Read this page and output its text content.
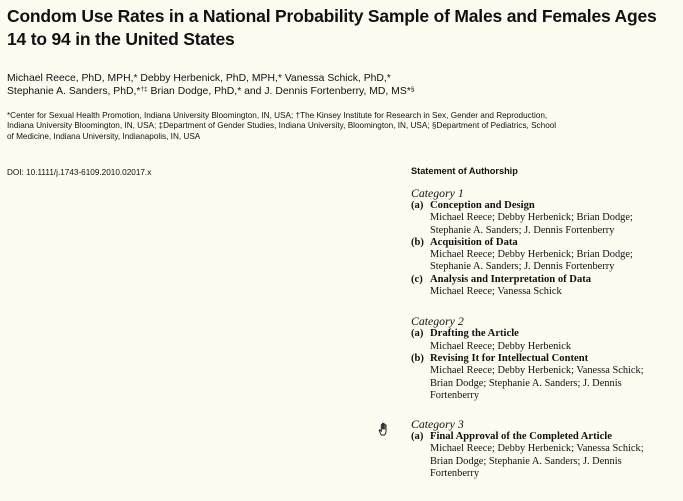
Condom Use Rates in a National Probability Sample of Males and Females Ages 14 to 94 in the United States

Michael Reece, PhD, MPH,* Debby Herbenick, PhD, MPH,* Vanessa Schick, PhD,*
Stephanie A. Sanders, PhD,*†‡ Brian Dodge, PhD,* and J. Dennis Fortenberry, MD, MS*§

*Center for Sexual Health Promotion, Indiana University Bloomington, IN, USA; †The Kinsey Institute for Research in Sex, Gender and Reproduction, Indiana University Bloomington, IN, USA; ‡Department of Gender Studies, Indiana University, Bloomington, IN, USA; §Department of Pediatrics, School of Medicine, Indiana University, Indianapolis, IN, USA

DOI: 10.1111/j.1743-6109.2010.02017.x	Statement of Authorship

Category 1

(a) Conception and Design

Michael Reece; Debby Herbenick; Brian Dodge;
Stephanie A. Sanders; J. Dennis Fortenberry

(b) Acquisition of Data

Michael Reece; Debby Herbenick; Brian Dodge;
Stephanie A. Sanders; J. Dennis Fortenberry

(c) Analysis and Interpretation of Data

Michael Reece; Vanessa Schick

Category 2

(a) Drafting the Article

Michael Reece; Debby Herbenick

(b) Revising It for Intellectual Content

Michael Reece; Debby Herbenick; Vanessa Schick;
Brian Dodge; Stephanie A. Sanders; J. Dennis
Fortenberry

Category 3

(a) Final Approval of the Completed Article

Michael Reece; Debby Herbenick; Vanessa Schick;
Brian Dodge; Stephanie A. Sanders; J. Dennis
Fortenberry
